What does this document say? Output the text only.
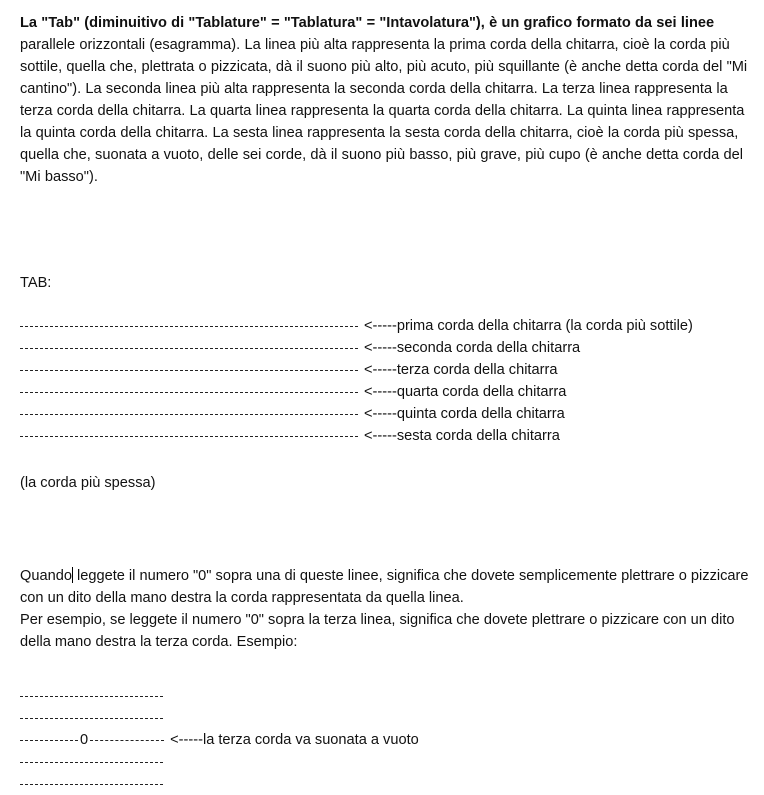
La "Tab" (diminuitivo di "Tablature" = "Tablatura" = "Intavolatura"), è un grafico formato da sei linee parallele orizzontali (esagramma). La linea più alta rappresenta la prima corda della chitarra, cioè la corda più sottile, quella che, plettrata o pizzicata, dà il suono più alto, più acuto, più squillante (è anche detta corda del "Mi cantino"). La seconda linea più alta rappresenta la seconda corda della chitarra. La terza linea rappresenta la terza corda della chitarra. La quarta linea rappresenta la quarta corda della chitarra. La quinta linea rappresenta la quinta corda della chitarra. La sesta linea rappresenta la sesta corda della chitarra, cioè la corda più spessa, quella che, suonata a vuoto, delle sei corde, dà il suono più basso, più grave, più cupo (è anche detta corda del "Mi basso").

TAB:

<----- prima corda della chitarra (la corda più sottile)
<----- seconda corda della chitarra
<----- terza corda della chitarra
<----- quarta corda della chitarra
<----- quinta corda della chitarra
<----- sesta corda della chitarra

(la corda più spessa)

Quando leggete il numero "0" sopra una di queste linee, significa che dovete semplicemente plettrare o pizzicare con un dito della mano destra la corda rappresentata da quella linea.

Per esempio, se leggete il numero "0" sopra la terza linea, significa che dovete plettrare o pizzicare con un dito della mano destra la terza corda. Esempio:

0	<----- la terza corda va suonata a vuoto
